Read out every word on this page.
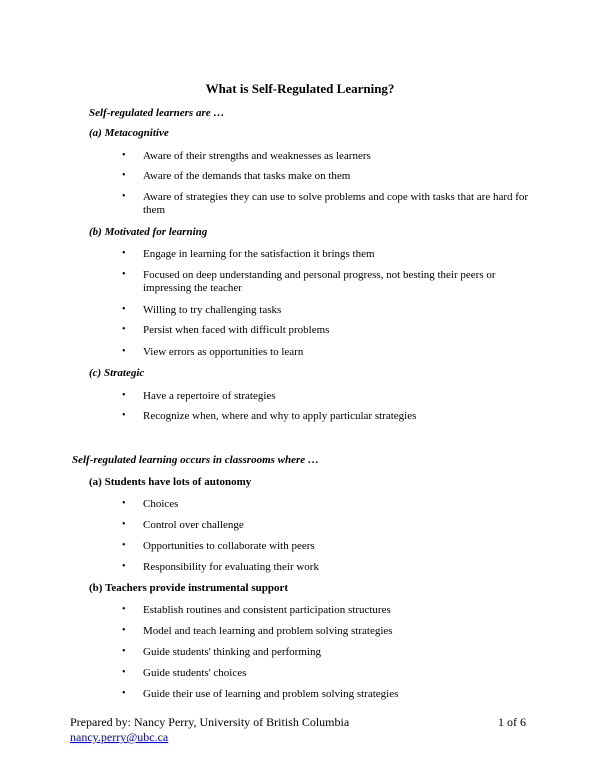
What is Self-Regulated Learning?
Self-regulated learners are …
(a) Metacognitive
• Aware of their strengths and weaknesses as learners
• Aware of the demands that tasks make on them
• Aware of strategies they can use to solve problems and cope with tasks that are hard for them
(b) Motivated for learning
• Engage in learning for the satisfaction it brings them
• Focused on deep understanding and personal progress, not besting their peers or impressing the teacher
• Willing to try challenging tasks
• Persist when faced with difficult problems
• View errors as opportunities to learn
(c) Strategic
• Have a repertoire of strategies
• Recognize when, where and why to apply particular strategies
Self-regulated learning occurs in classrooms where …
(a) Students have lots of autonomy
• Choices
• Control over challenge
• Opportunities to collaborate with peers
• Responsibility for evaluating their work
(b) Teachers provide instrumental support
• Establish routines and consistent participation structures
• Model and teach learning and problem solving strategies
• Guide students' thinking and performing
• Guide students' choices
• Guide their use of learning and problem solving strategies
Prepared by: Nancy Perry, University of British Columbia
nancy.perry@ubc.ca
1 of 6
